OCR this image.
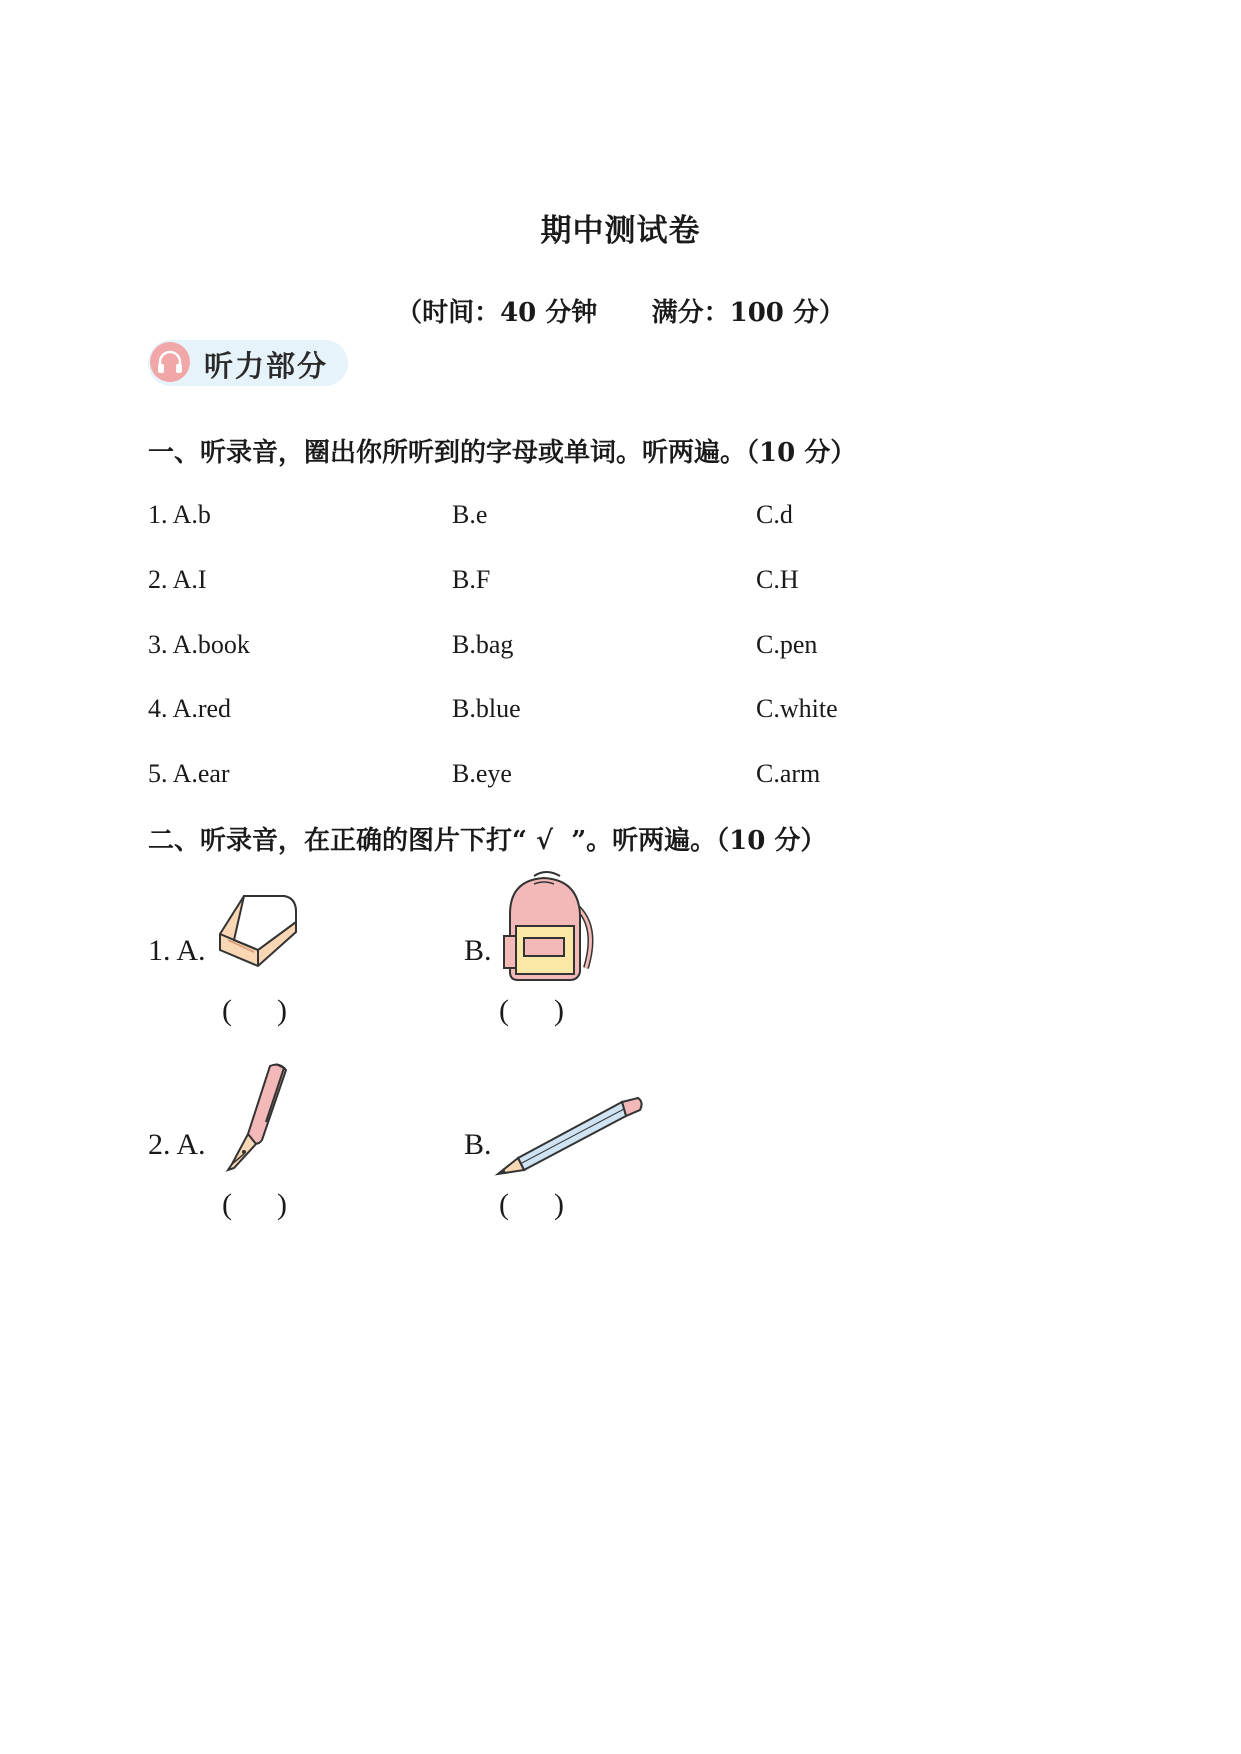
期中测试卷
（时间：40 分钟      满分：100 分）
听力部分
一、听录音，圈出你所听到的字母或单词。听两遍。（10 分）
1. A.b	B.e	C.d
2. A.I	B.F	C.H
3. A.book	B.bag	C.pen
4. A.red	B.blue	C.white
5. A.ear	B.eye	C.arm
二、听录音，在正确的图片下打“ √  ”。听两遍。（10 分）
1. A.	B.
(      )	(      )
2. A.	B.
(      )	(      )
